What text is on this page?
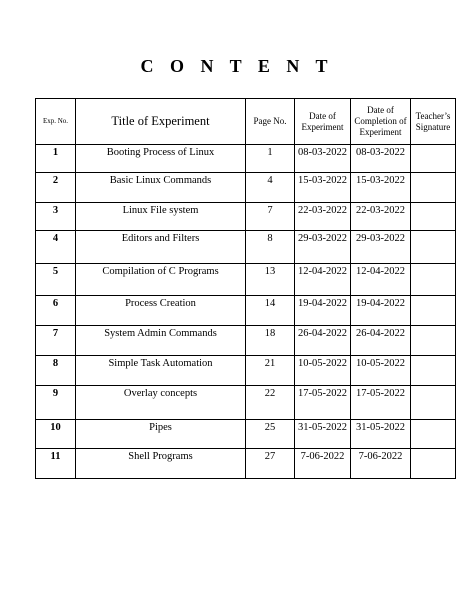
C O N T E N T
Exp. No.	Title of Experiment	Page No.	Date of Experiment	Date of Completion of Experiment	Teacher’s Signature
1	Booting Process of Linux	1	08-03-2022	08-03-2022	
2	Basic Linux Commands	4	15-03-2022	15-03-2022	
3	Linux File system	7	22-03-2022	22-03-2022	
4	Editors and Filters	8	29-03-2022	29-03-2022	
5	Compilation of C Programs	13	12-04-2022	12-04-2022	
6	Process Creation	14	19-04-2022	19-04-2022	
7	System Admin Commands	18	26-04-2022	26-04-2022	
8	Simple Task Automation	21	10-05-2022	10-05-2022	
9	Overlay concepts	22	17-05-2022	17-05-2022	
10	Pipes	25	31-05-2022	31-05-2022	
11	Shell Programs	27	7-06-2022	7-06-2022	
